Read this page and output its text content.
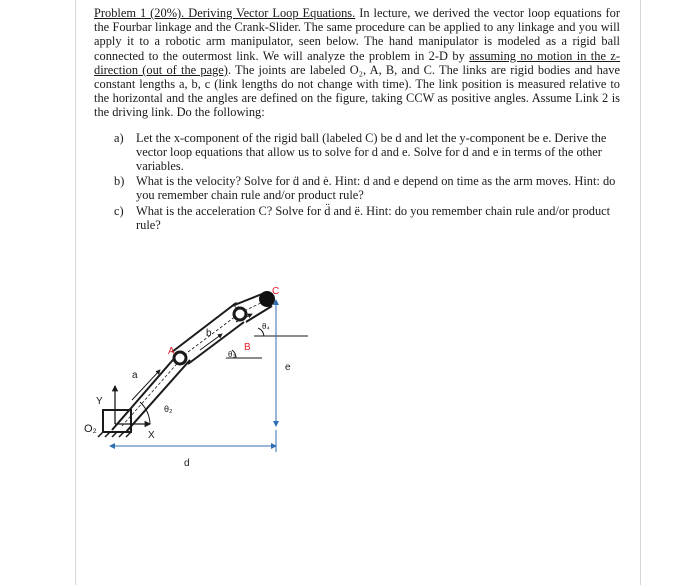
Problem 1 (20%). Deriving Vector Loop Equations. In lecture, we derived the vector loop equations for the Fourbar linkage and the Crank-Slider. The same procedure can be applied to any linkage and you will apply it to a robotic arm manipulator, seen below. The hand manipulator is modeled as a rigid ball connected to the outermost link. We will analyze the problem in 2-D by assuming no motion in the z-direction (out of the page). The joints are labeled O₂, A, B, and C. The links are rigid bodies and have constant lengths a, b, c (link lengths do not change with time). The link position is measured relative to the horizontal and the angles are defined on the figure, taking CCW as positive angles. Assume Link 2 is the driving link. Do the following:

a) Let the x-component of the rigid ball (labeled C) be d and let the y-component be e. Derive the vector loop equations that allow us to solve for d and e. Solve for d and e in terms of the other variables.
b) What is the velocity? Solve for ḋ and ė. Hint: d and e depend on time as the arm moves. Hint: do you remember chain rule and/or product rule?
c) What is the acceleration C? Solve for d̈ and ë. Hint: do you remember chain rule and/or product rule?
O₂
Y
X
a
b
c
d
e
θ₂
θ₃
θ₄
A	B
C
